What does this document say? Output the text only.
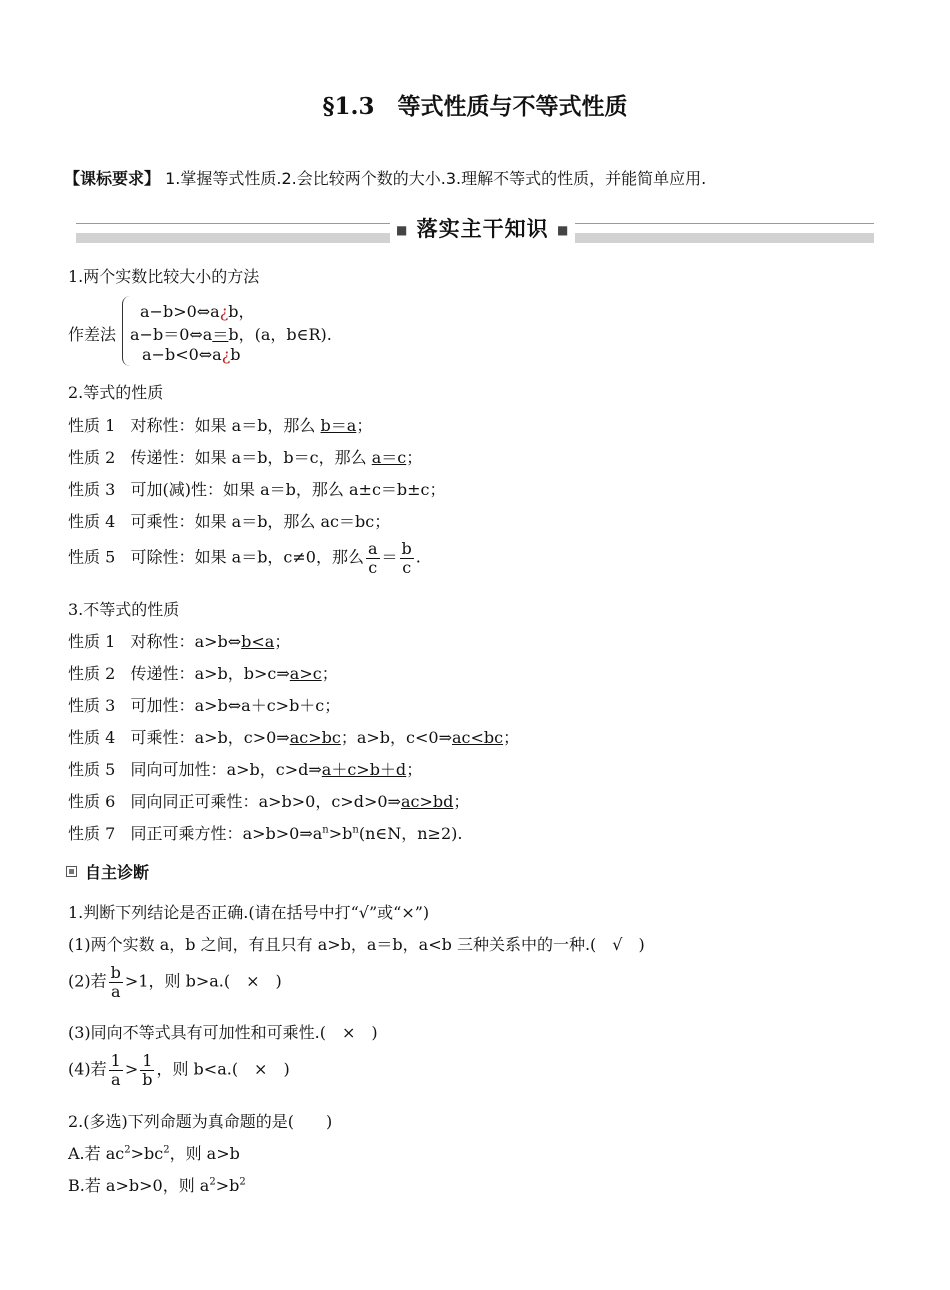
§1.3　等式性质与不等式性质
【课标要求】 1.掌握等式性质.2.会比较两个数的大小.3.理解不等式的性质，并能简单应用.
■ 落实主干知识 ■
1.两个实数比较大小的方法
作差法
a−b>0⇔a¿b，
a−b＝0⇔a＝b，(a，b∈R).
a−b<0⇔a¿b
2.等式的性质
性质 1 对称性：如果 a＝b，那么 b＝a；
性质 2 传递性：如果 a＝b，b＝c，那么 a＝c；
性质 3 可加(减)性：如果 a＝b，那么 a±c＝b±c；
性质 4 可乘性：如果 a＝b，那么 ac＝bc；
性质 5 可除性：如果 a＝b，c≠0，那么 $\frac{a}{c} = \frac{b}{c}$ .
3.不等式的性质
性质 1 对称性：a>b⇔b<a；
性质 2 传递性：a>b，b>c⇒a>c；
性质 3 可加性：a>b⇔a＋c>b＋c；
性质 4 可乘性：a>b，c>0⇒ac>bc；a>b，c<0⇒ac<bc；
性质 5 同向可加性：a>b，c>d⇒a＋c>b＋d；
性质 6 同向同正可乘性：a>b>0，c>d>0⇒ac>bd；
性质 7 同正可乘方性：$a>b>0\Rightarrow a^n>b^n(n\in N$，n≥2).
自主诊断
1.判断下列结论是否正确.(请在括号中打“√”或“×”)
(1)两个实数 a，b 之间，有且只有 a>b，a＝b，a<b 三种关系中的一种.(　√　)
(2)若 $\frac{b}{a} >1$，则 b>a.(　×　)
(3)同向不等式具有可加性和可乘性.(　×　)
(4)若 $\frac{1}{a} > \frac{1}{b}$ ，则 b<a.(　×　)
2.(多选)下列命题为真命题的是(　　)
A.若 $ac^2>bc^2$，则 a>b
B.若 a>b>0，则 $a^2>b^2$
